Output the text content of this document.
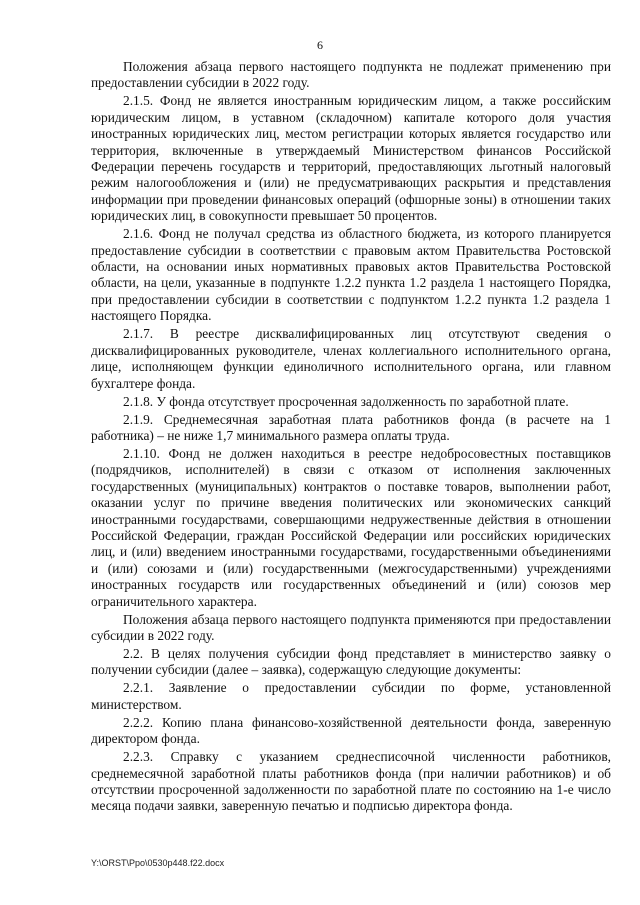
6

Положения абзаца первого настоящего подпункта не подлежат применению при предоставлении субсидии в 2022 году.

2.1.5. Фонд не является иностранным юридическим лицом, а также российским юридическим лицом, в уставном (складочном) капитале которого доля участия иностранных юридических лиц, местом регистрации которых является государство или территория, включенные в утверждаемый Министерством финансов Российской Федерации перечень государств и территорий, предоставляющих льготный налоговый режим налогообложения и (или) не предусматривающих раскрытия и представления информации при проведении финансовых операций (офшорные зоны) в отношении таких юридических лиц, в совокупности превышает 50 процентов.

2.1.6. Фонд не получал средства из областного бюджета, из которого планируется предоставление субсидии в соответствии с правовым актом Правительства Ростовской области, на основании иных нормативных правовых актов Правительства Ростовской области, на цели, указанные в подпункте 1.2.2 пункта 1.2 раздела 1 настоящего Порядка, при предоставлении субсидии в соответствии с подпунктом 1.2.2 пункта 1.2 раздела 1 настоящего Порядка.

2.1.7. В реестре дисквалифицированных лиц отсутствуют сведения о дисквалифицированных руководителе, членах коллегиального исполнительного органа, лице, исполняющем функции единоличного исполнительного органа, или главном бухгалтере фонда.

2.1.8. У фонда отсутствует просроченная задолженность по заработной плате.

2.1.9. Среднемесячная заработная плата работников фонда (в расчете на 1 работника) – не ниже 1,7 минимального размера оплаты труда.

2.1.10. Фонд не должен находиться в реестре недобросовестных поставщиков (подрядчиков, исполнителей) в связи с отказом от исполнения заключенных государственных (муниципальных) контрактов о поставке товаров, выполнении работ, оказании услуг по причине введения политических или экономических санкций иностранными государствами, совершающими недружественные действия в отношении Российской Федерации, граждан Российской Федерации или российских юридических лиц, и (или) введением иностранными государствами, государственными объединениями и (или) союзами и (или) государственными (межгосударственными) учреждениями иностранных государств или государственных объединений и (или) союзов мер ограничительного характера.

Положения абзаца первого настоящего подпункта применяются при предоставлении субсидии в 2022 году.

2.2. В целях получения субсидии фонд представляет в министерство заявку о получении субсидии (далее – заявка), содержащую следующие документы:

2.2.1. Заявление о предоставлении субсидии по форме, установленной министерством.

2.2.2. Копию плана финансово-хозяйственной деятельности фонда, заверенную директором фонда.

2.2.3. Справку с указанием среднесписочной численности работников, среднемесячной заработной платы работников фонда (при наличии работников) и об отсутствии просроченной задолженности по заработной плате по состоянию на 1-е число месяца подачи заявки, заверенную печатью и подписью директора фонда.

Y:\ORST\Ppo\0530p448.f22.docx
